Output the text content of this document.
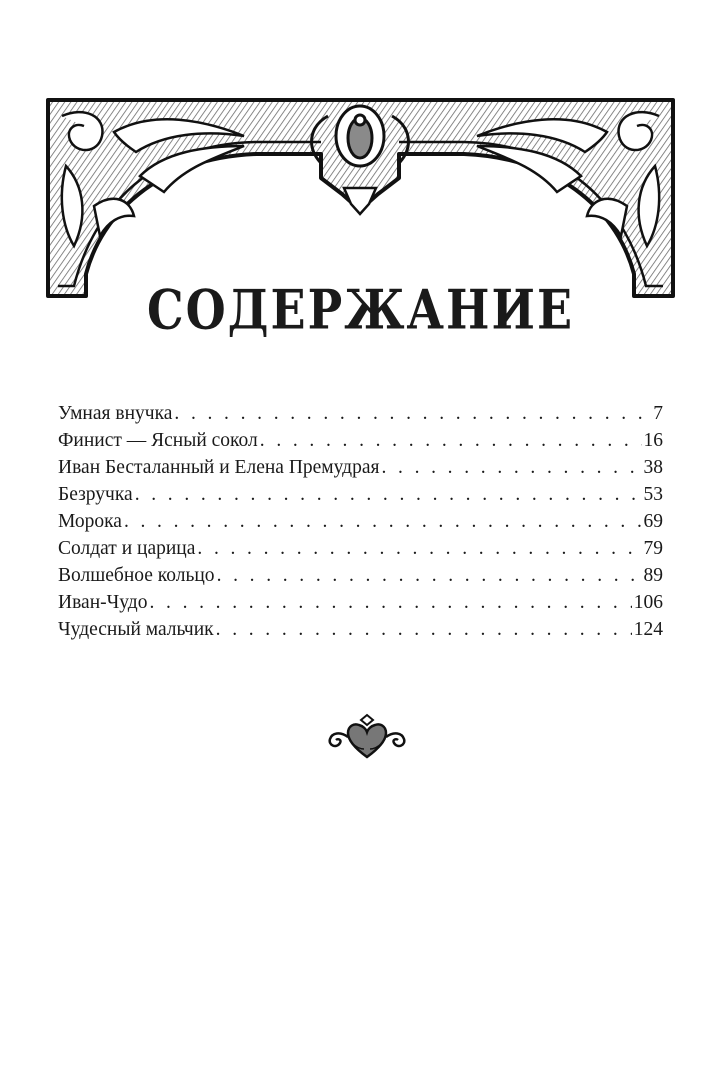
СОДЕРЖАНИЕ
Умная внучка . . .	7
Финист — Ясный сокол . . .	16
Иван Бесталанный и Елена Премудрая . . .	38
Безручка . . .	53
Морока . . .	69
Солдат и царица . . .	79
Волшебное кольцо . . .	89
Иван-Чудо . . .	106
Чудесный мальчик . . .	124
